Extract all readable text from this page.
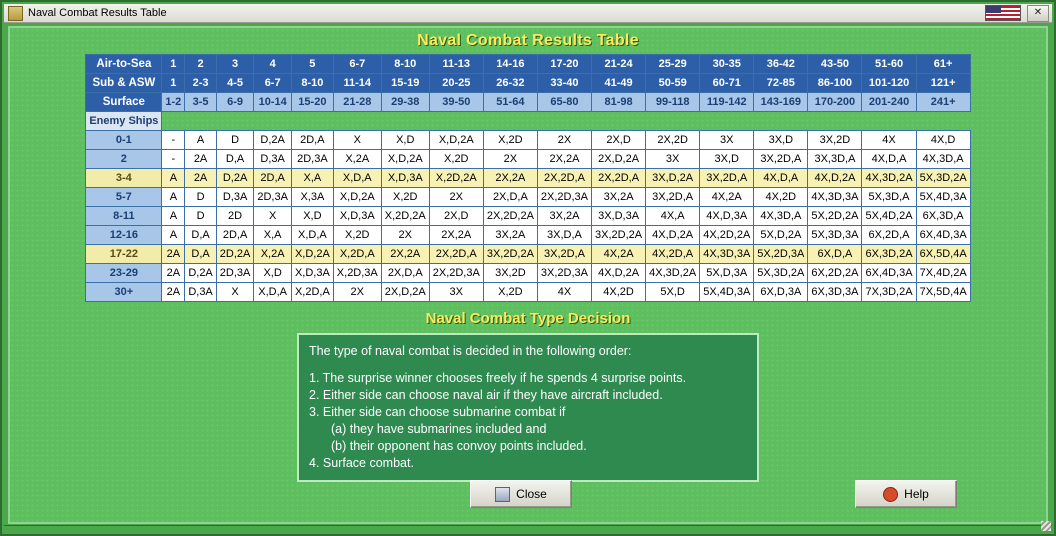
Naval Combat Results Table	✕
Naval Combat Results Table
Air-to-Sea	1	2	3	4	5	6-7	8-10	11-13	14-16	17-20	21-24	25-29	30-35	36-42	43-50	51-60	61+
Sub & ASW	1	2-3	4-5	6-7	8-10	11-14	15-19	20-25	26-32	33-40	41-49	50-59	60-71	72-85	86-100	101-120	121+
Surface	1-2	3-5	6-9	10-14	15-20	21-28	29-38	39-50	51-64	65-80	81-98	99-118	119-142	143-169	170-200	201-240	241+
Enemy Ships																	
0-1	-	A	D	D,2A	2D,A	X	X,D	X,D,2A	X,2D	2X	2X,D	2X,2D	3X	3X,D	3X,2D	4X	4X,D
2	-	2A	D,A	D,3A	2D,3A	X,2A	X,D,2A	X,2D	2X	2X,2A	2X,D,2A	3X	3X,D	3X,2D,A	3X,3D,A	4X,D,A	4X,3D,A
3-4	A	2A	D,2A	2D,A	X,A	X,D,A	X,D,3A	X,2D,2A	2X,2A	2X,2D,A	2X,2D,A	3X,D,2A	3X,2D,A	4X,D,A	4X,D,2A	4X,3D,2A	5X,3D,2A
5-7	A	D	D,3A	2D,3A	X,3A	X,D,2A	X,2D	2X	2X,D,A	2X,2D,3A	3X,2A	3X,2D,A	4X,2A	4X,2D	4X,3D,3A	5X,3D,A	5X,4D,3A
8-11	A	D	2D	X	X,D	X,D,3A	X,2D,2A	2X,D	2X,2D,2A	3X,2A	3X,D,3A	4X,A	4X,D,3A	4X,3D,A	5X,2D,2A	5X,4D,2A	6X,3D,A
12-16	A	D,A	2D,A	X,A	X,D,A	X,2D	2X	2X,2A	3X,2A	3X,D,A	3X,2D,2A	4X,D,2A	4X,2D,2A	5X,D,2A	5X,3D,3A	6X,2D,A	6X,4D,3A
17-22	2A	D,A	2D,2A	X,2A	X,D,2A	X,2D,A	2X,2A	2X,2D,A	3X,2D,2A	3X,2D,A	4X,2A	4X,2D,A	4X,3D,3A	5X,2D,3A	6X,D,A	6X,3D,2A	6X,5D,4A
23-29	2A	D,2A	2D,3A	X,D	X,D,3A	X,2D,3A	2X,D,A	2X,2D,3A	3X,2D	3X,2D,3A	4X,D,2A	4X,3D,2A	5X,D,3A	5X,3D,2A	6X,2D,2A	6X,4D,3A	7X,4D,2A
30+	2A	D,3A	X	X,D,A	X,2D,A	2X	2X,D,2A	3X	X,2D	4X	4X,2D	5X,D	5X,4D,3A	6X,D,3A	6X,3D,3A	7X,3D,2A	7X,5D,4A
Naval Combat Type Decision
The type of naval combat is decided in the following order:
1. The surprise winner chooses freely if he spends 4 surprise points.
2. Either side can choose naval air if they have aircraft included.
3. Either side can choose submarine combat if
(a) they have submarines included and
(b) their opponent has convoy points included.
4. Surface combat.
Close	Help
